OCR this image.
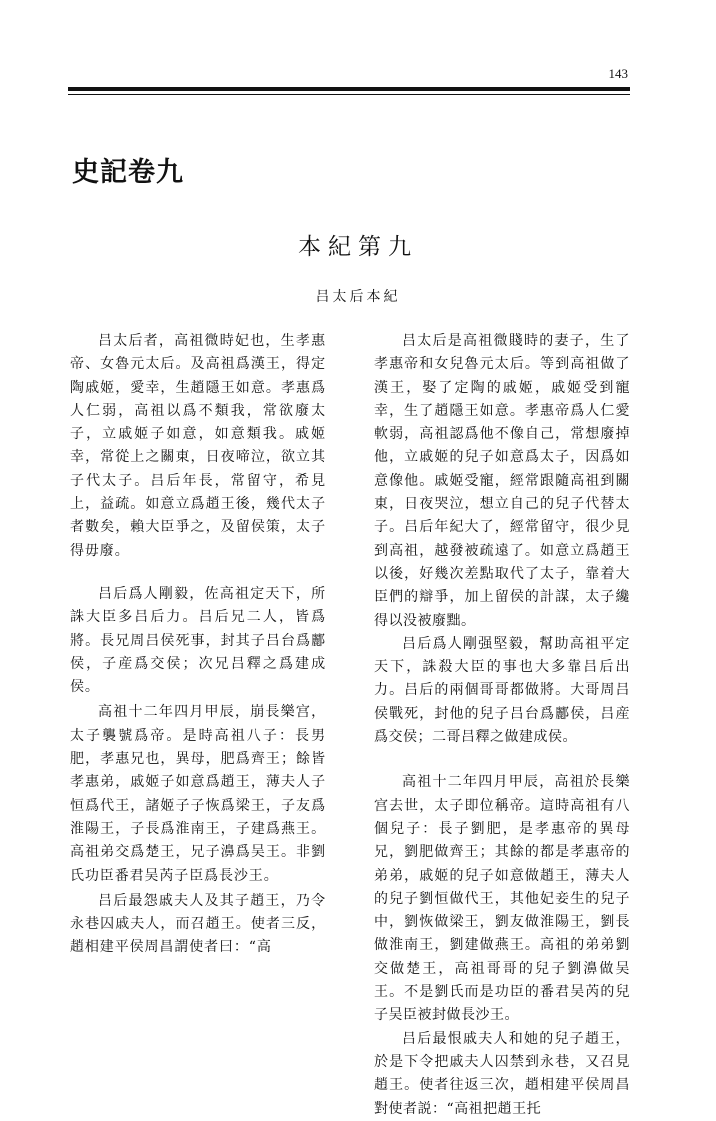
143
史記卷九
本紀第九
吕太后本紀

吕太后者，高祖微時妃也，生孝惠帝、女魯元太后。及高祖爲漢王，得定陶戚姬，愛幸，生趙隱王如意。孝惠爲人仁弱，高祖以爲不類我，常欲廢太子，立戚姬子如意，如意類我。戚姬幸，常從上之關東，日夜啼泣，欲立其子代太子。吕后年長，常留守，希見上，益疏。如意立爲趙王後，幾代太子者數矣，賴大臣爭之，及留侯策，太子得毋廢。

吕后爲人剛毅，佐高祖定天下，所誅大臣多吕后力。吕后兄二人，皆爲將。長兄周吕侯死事，封其子吕台爲酈侯，子産爲交侯；次兄吕釋之爲建成侯。

高祖十二年四月甲辰，崩長樂宫，太子襲號爲帝。是時高祖八子：長男肥，孝惠兄也，異母，肥爲齊王；餘皆孝惠弟，戚姬子如意爲趙王，薄夫人子恒爲代王，諸姬子子恢爲梁王，子友爲淮陽王，子長爲淮南王，子建爲燕王。高祖弟交爲楚王，兄子濞爲吴王。非劉氏功臣番君吴芮子臣爲長沙王。

吕后最怨戚夫人及其子趙王，乃令永巷囚戚夫人，而召趙王。使者三反，趙相建平侯周昌謂使者曰：“高

吕太后是高祖微賤時的妻子，生了孝惠帝和女兒魯元太后。等到高祖做了漢王，娶了定陶的戚姬，戚姬受到寵幸，生了趙隱王如意。孝惠帝爲人仁愛軟弱，高祖認爲他不像自己，常想廢掉他，立戚姬的兒子如意爲太子，因爲如意像他。戚姬受寵，經常跟隨高祖到關東，日夜哭泣，想立自己的兒子代替太子。吕后年紀大了，經常留守，很少見到高祖，越發被疏遠了。如意立爲趙王以後，好幾次差點取代了太子，靠着大臣們的辯爭，加上留侯的計謀，太子纔得以没被廢黜。

吕后爲人剛强堅毅，幫助高祖平定天下，誅殺大臣的事也大多靠吕后出力。吕后的兩個哥哥都做將。大哥周吕侯戰死，封他的兒子吕台爲酈侯，吕産爲交侯；二哥吕釋之做建成侯。

高祖十二年四月甲辰，高祖於長樂宫去世，太子即位稱帝。這時高祖有八個兒子：長子劉肥，是孝惠帝的異母兄，劉肥做齊王；其餘的都是孝惠帝的弟弟，戚姬的兒子如意做趙王，薄夫人的兒子劉恒做代王，其他妃妾生的兒子中，劉恢做梁王，劉友做淮陽王，劉長做淮南王，劉建做燕王。高祖的弟弟劉交做楚王，高祖哥哥的兒子劉濞做吴王。不是劉氏而是功臣的番君吴芮的兒子吴臣被封做長沙王。

吕后最恨戚夫人和她的兒子趙王，於是下令把戚夫人囚禁到永巷，又召見趙王。使者往返三次，趙相建平侯周昌對使者説：“高祖把趙王托
